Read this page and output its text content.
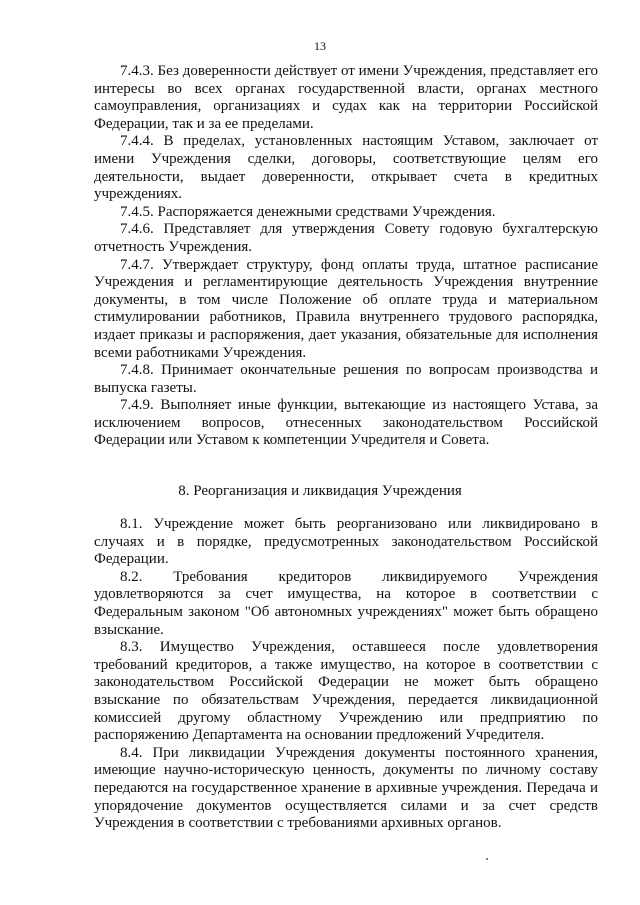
13

7.4.3. Без доверенности действует от имени Учреждения, представляет его интересы во всех органах государственной власти, органах местного самоуправления, организациях и судах как на территории Российской Федерации, так и за ее пределами.

7.4.4. В пределах, установленных настоящим Уставом, заключает от имени Учреждения сделки, договоры, соответствующие целям его деятельности, выдает доверенности, открывает счета в кредитных учреждениях.

7.4.5. Распоряжается денежными средствами Учреждения.

7.4.6. Представляет для утверждения Совету годовую бухгалтерскую отчетность Учреждения.

7.4.7. Утверждает структуру, фонд оплаты труда, штатное расписание Учреждения и регламентирующие деятельность Учреждения внутренние документы, в том числе Положение об оплате труда и материальном стимулировании работников, Правила внутреннего трудового распорядка, издает приказы и распоряжения, дает указания, обязательные для исполнения всеми работниками Учреждения.

7.4.8. Принимает окончательные решения по вопросам производства и выпуска газеты.

7.4.9. Выполняет иные функции, вытекающие из настоящего Устава, за исключением вопросов, отнесенных законодательством Российской Федерации или Уставом к компетенции Учредителя и Совета.

8. Реорганизация и ликвидация Учреждения

8.1. Учреждение может быть реорганизовано или ликвидировано в случаях и в порядке, предусмотренных законодательством Российской Федерации.

8.2. Требования кредиторов ликвидируемого Учреждения удовлетворяются за счет имущества, на которое в соответствии с Федеральным законом "Об автономных учреждениях" может быть обращено взыскание.

8.3. Имущество Учреждения, оставшееся после удовлетворения требований кредиторов, а также имущество, на которое в соответствии с законодательством Российской Федерации не может быть обращено взыскание по обязательствам Учреждения, передается ликвидационной комиссией другому областному Учреждению или предприятию по распоряжению Департамента на основании предложений Учредителя.

8.4. При ликвидации Учреждения документы постоянного хранения, имеющие научно-историческую ценность, документы по личному составу передаются на государственное хранение в архивные учреждения. Передача и упорядочение документов осуществляется силами и за счет средств Учреждения в соответствии с требованиями архивных органов.
